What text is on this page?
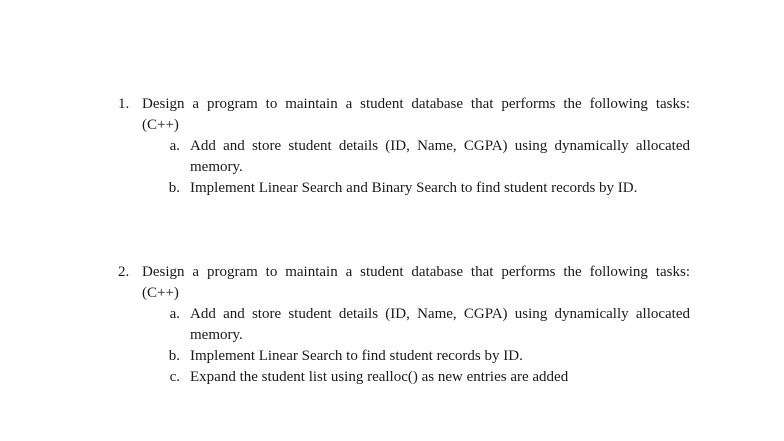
1. Design a program to maintain a student database that performs the following tasks:
(C++)
a. Add and store student details (ID, Name, CGPA) using dynamically allocated
memory.
b. Implement Linear Search and Binary Search to find student records by ID.
2. Design a program to maintain a student database that performs the following tasks:
(C++)
a. Add and store student details (ID, Name, CGPA) using dynamically allocated
memory.
b. Implement Linear Search to find student records by ID.
c. Expand the student list using realloc() as new entries are added
